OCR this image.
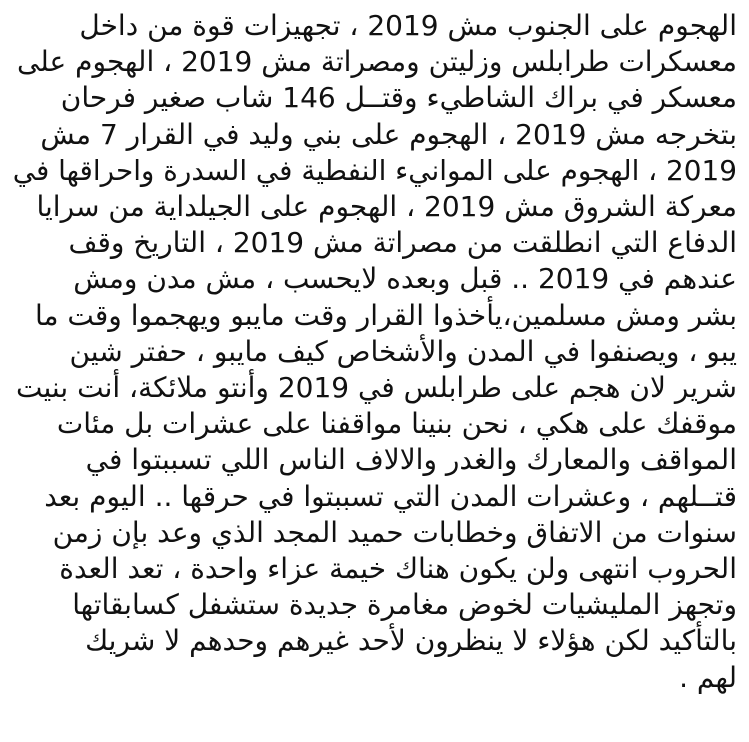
الهجوم على الجنوب مش 2019 ، تجهيزات قوة من داخل
معسكرات طرابلس وزليتن ومصراتة مش 2019 ، الهجوم على
معسكر في براك الشاطيء وقتــل 146 شاب صغير فرحان
بتخرجه مش 2019 ، الهجوم على بني وليد في القرار 7 مش
2019 ، الهجوم على الموانيء النفطية في السدرة واحراقها في
معركة الشروق مش 2019 ، الهجوم على الجيلداية من سرايا
الدفاع التي انطلقت من مصراتة مش 2019 ، التاريخ وقف
عندهم في 2019 .. قبل وبعده لايحسب ، مش مدن ومش
بشر ومش مسلمين،يأخذوا القرار وقت مايبو ويهجموا وقت ما
يبو ، ويصنفوا في المدن والأشخاص كيف مايبو ، حفتر شين
شرير لان هجم على طرابلس في 2019 وأنتو ملائكة، أنت بنيت
موقفك على هكي ، نحن بنينا مواقفنا على عشرات بل مئات
المواقف والمعارك والغدر والالاف الناس اللي تسببتوا في
قتــلهم ، وعشرات المدن التي تسببتوا في حرقها .. اليوم بعد
سنوات من الاتفاق وخطابات حميد المجد الذي وعد بإن زمن
الحروب انتهى ولن يكون هناك خيمة عزاء واحدة ، تعد العدة
وتجهز المليشيات لخوض مغامرة جديدة ستشفل كسابقاتها
بالتأكيد لكن هؤلاء لا ينظرون لأحد غيرهم وحدهم لا شريك
لهم .
